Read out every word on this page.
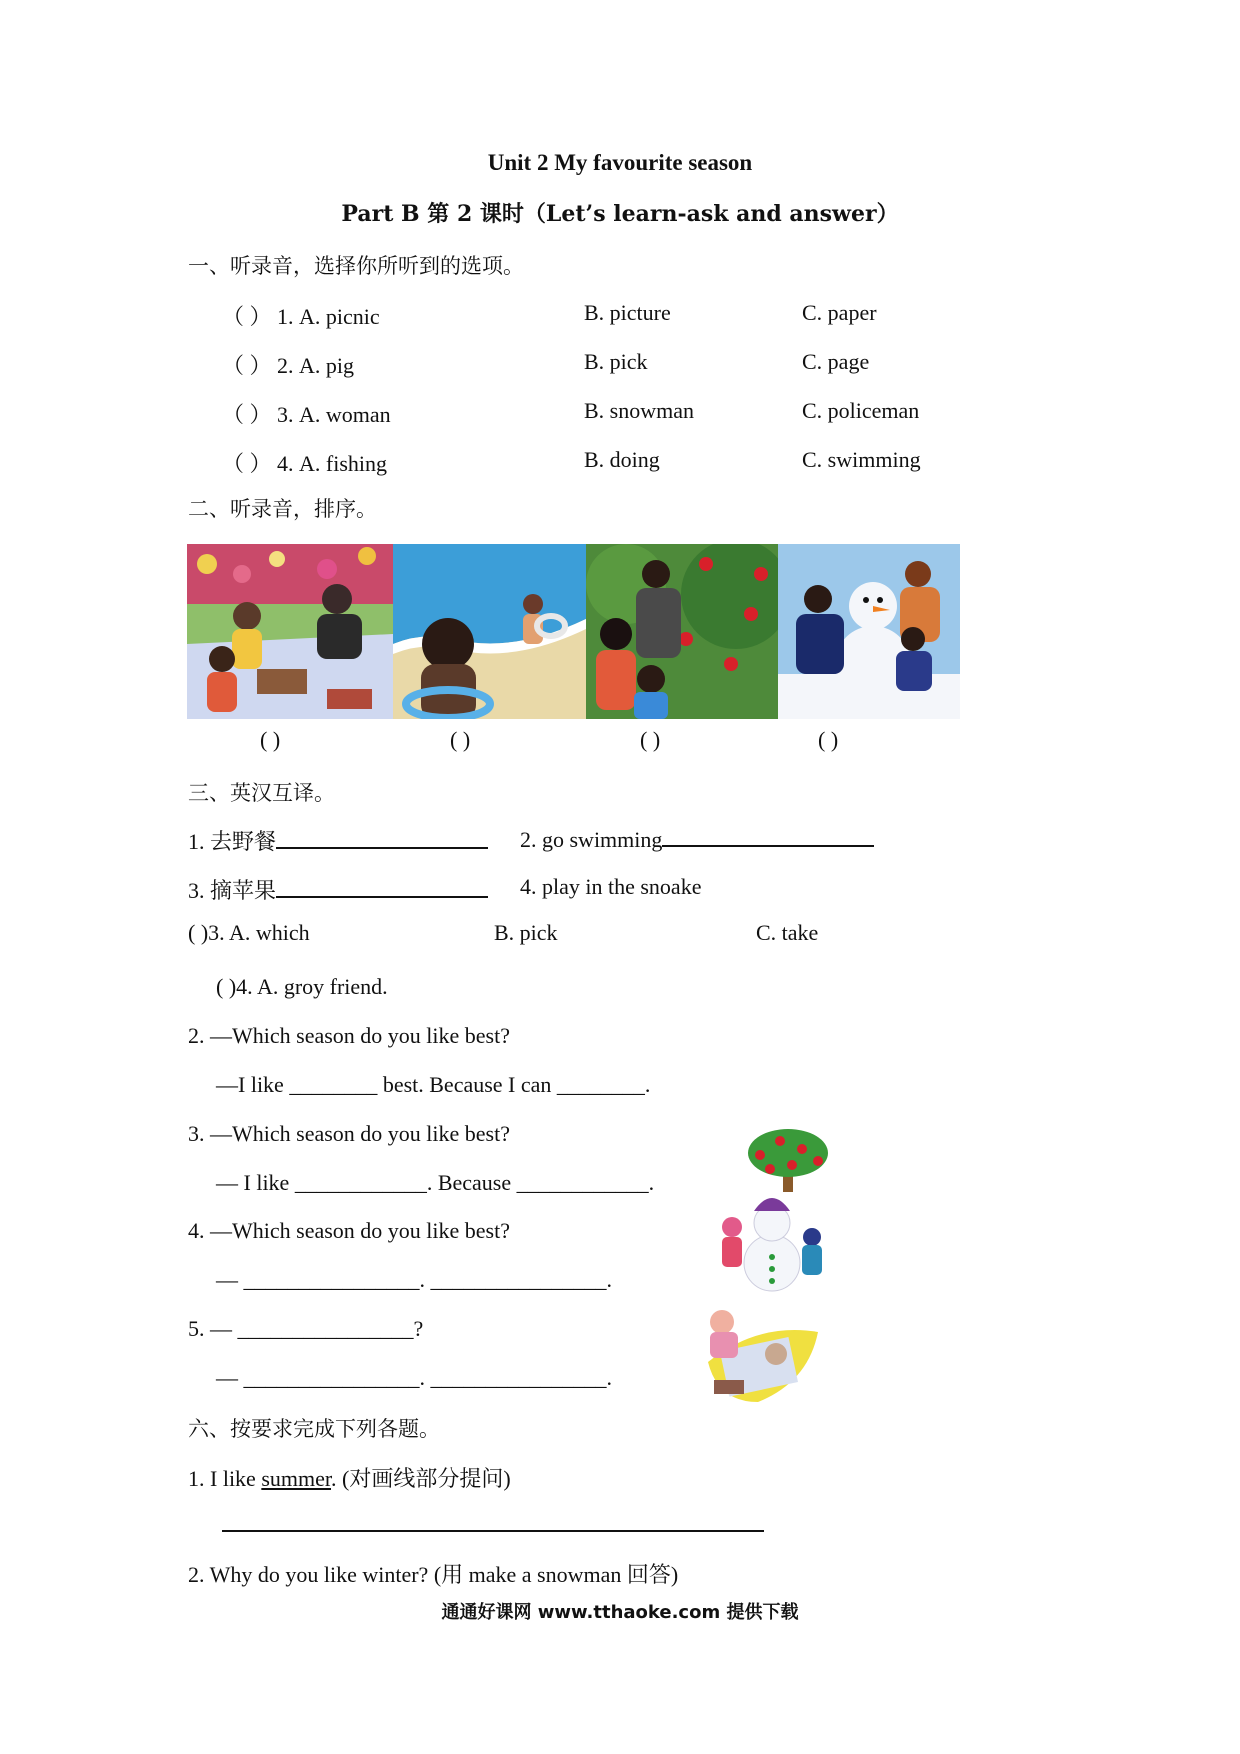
Unit 2 My favourite season
Part B 第 2 课时（Let’s learn-ask and answer）
一、听录音，选择你所听到的选项。
（ ） 1. A. picnic	B. picture	C. paper
（ ） 2. A. pig	B. pick	C. page
（ ） 3. A. woman	B. snowman	C. policeman
（ ） 4. A. fishing	B. doing	C. swimming
二、听录音，排序。
( )	( )	( )	( )
三、英汉互译。
1. 去野餐	2. go swimming
3. 摘苹果	4. play in the snoake
( )3. A. which	B. pick	C. take
( )4. A. groy friend.
2. —Which season do you like best?
—I like ________ best. Because I can ________.
3. —Which season do you like best?
— I like ____________. Because ____________.
4. —Which season do you like best?
— ________________. ________________.
5. — ________________?
— ________________. ________________.
六、按要求完成下列各题。
1. I like summer. (对画线部分提问)
2. Why do you like winter? (用 make a snowman 回答)
通通好课网 www.tthaoke.com 提供下载
